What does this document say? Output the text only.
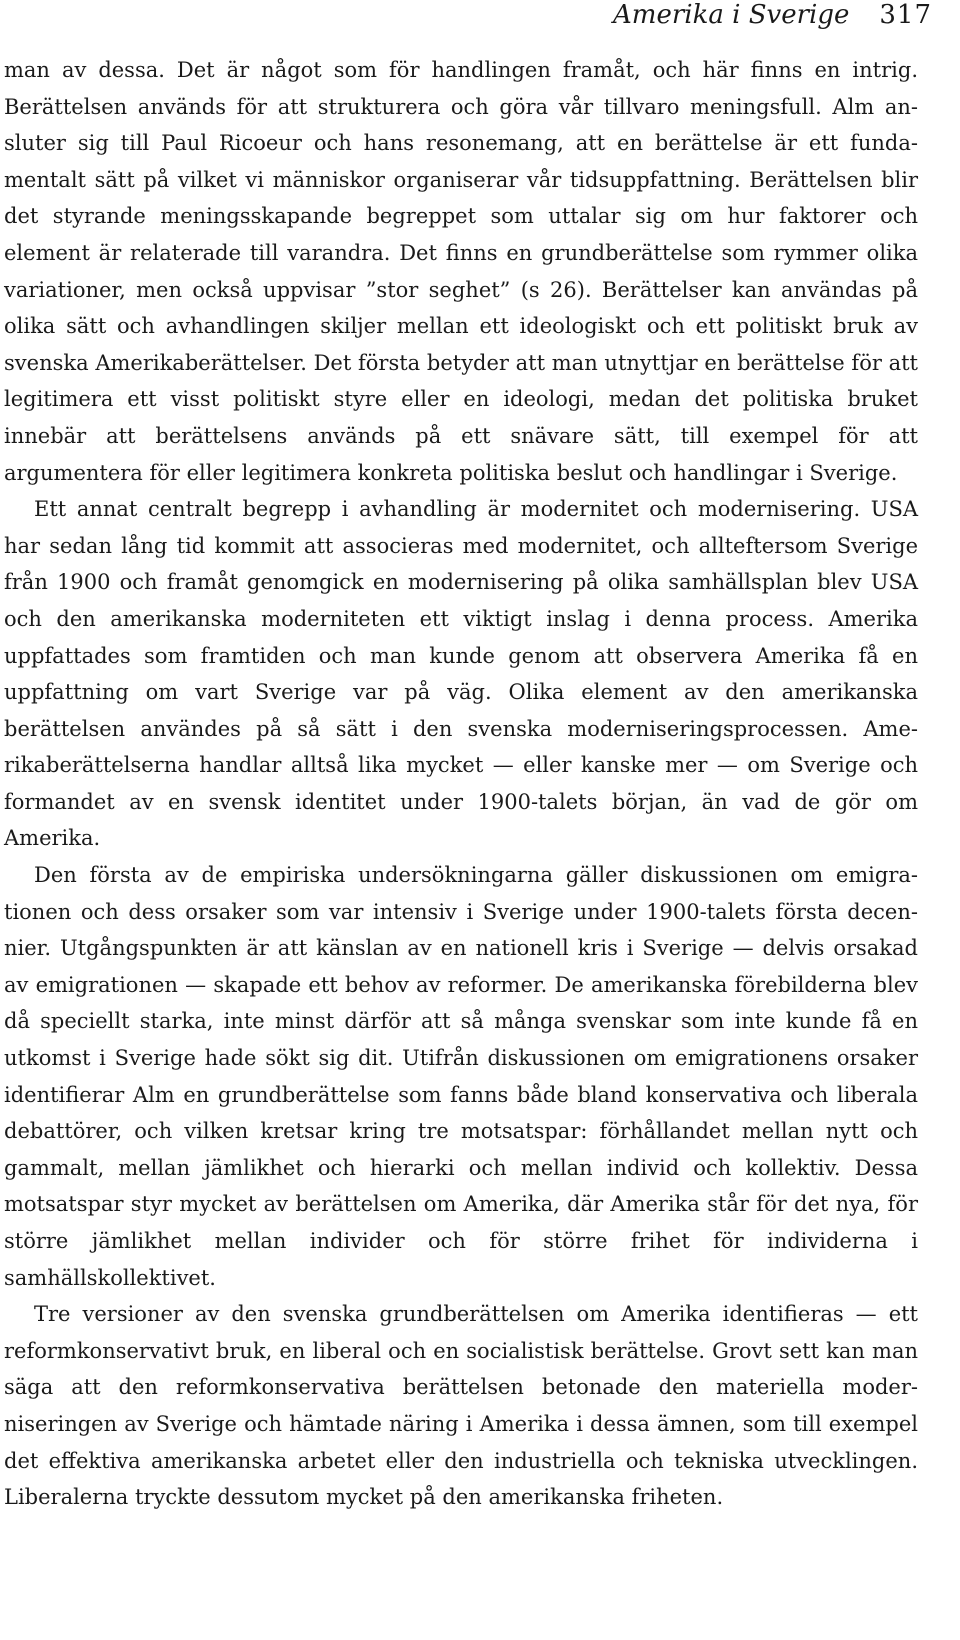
Amerika i Sverige 317

man av dessa. Det är något som för handlingen framåt, och här finns en intrig. Berättelsen används för att strukturera och göra vår tillvaro meningsfull. Alm ansluter sig till Paul Ricoeur och hans resonemang, att en berättelse är ett fundamentalt sätt på vilket vi människor organiserar vår tidsuppfattning. Berättelsen blir det styrande meningsskapande begreppet som uttalar sig om hur faktorer och element är relaterade till varandra. Det finns en grundberättelse som rymmer olika variationer, men också uppvisar ”stor seghet” (s 26). Berättelser kan användas på olika sätt och avhandlingen skiljer mellan ett ideologiskt och ett politiskt bruk av svenska Amerikaberättelser. Det första betyder att man utnyttjar en berättelse för att legitimera ett visst politiskt styre eller en ideologi, medan det politiska bruket innebär att berättelsens används på ett snävare sätt, till exempel för att argumentera för eller legitimera konkreta politiska beslut och handlingar i Sverige.

Ett annat centralt begrepp i avhandling är modernitet och modernisering. USA har sedan lång tid kommit att associeras med modernitet, och allteftersom Sverige från 1900 och framåt genomgick en modernisering på olika samhällsplan blev USA och den amerikanska moderniteten ett viktigt inslag i denna process. Amerika uppfattades som framtiden och man kunde genom att observera Amerika få en uppfattning om vart Sverige var på väg. Olika element av den amerikanska berättelsen användes på så sätt i den svenska moderniseringsprocessen. Amerikaberättelserna handlar alltså lika mycket — eller kanske mer — om Sverige och formandet av en svensk identitet under 1900-talets början, än vad de gör om Amerika.

Den första av de empiriska undersökningarna gäller diskussionen om emigrationen och dess orsaker som var intensiv i Sverige under 1900-talets första decennier. Utgångspunkten är att känslan av en nationell kris i Sverige — delvis orsakad av emigrationen — skapade ett behov av reformer. De amerikanska förebilderna blev då speciellt starka, inte minst därför att så många svenskar som inte kunde få en utkomst i Sverige hade sökt sig dit. Utifrån diskussionen om emigrationens orsaker identifierar Alm en grundberättelse som fanns både bland konservativa och liberala debattörer, och vilken kretsar kring tre motsatspar: förhållandet mellan nytt och gammalt, mellan jämlikhet och hierarki och mellan individ och kollektiv. Dessa motsatspar styr mycket av berättelsen om Amerika, där Amerika står för det nya, för större jämlikhet mellan individer och för större frihet för individerna i samhällskollektivet.

Tre versioner av den svenska grundberättelsen om Amerika identifieras — ett reformkonservativt bruk, en liberal och en socialistisk berättelse. Grovt sett kan man säga att den reformkonservativa berättelsen betonade den materiella moderniseringen av Sverige och hämtade näring i Amerika i dessa ämnen, som till exempel det effektiva amerikanska arbetet eller den industriella och tekniska utvecklingen. Liberalerna tryckte dessutom mycket på den amerikanska friheten.
